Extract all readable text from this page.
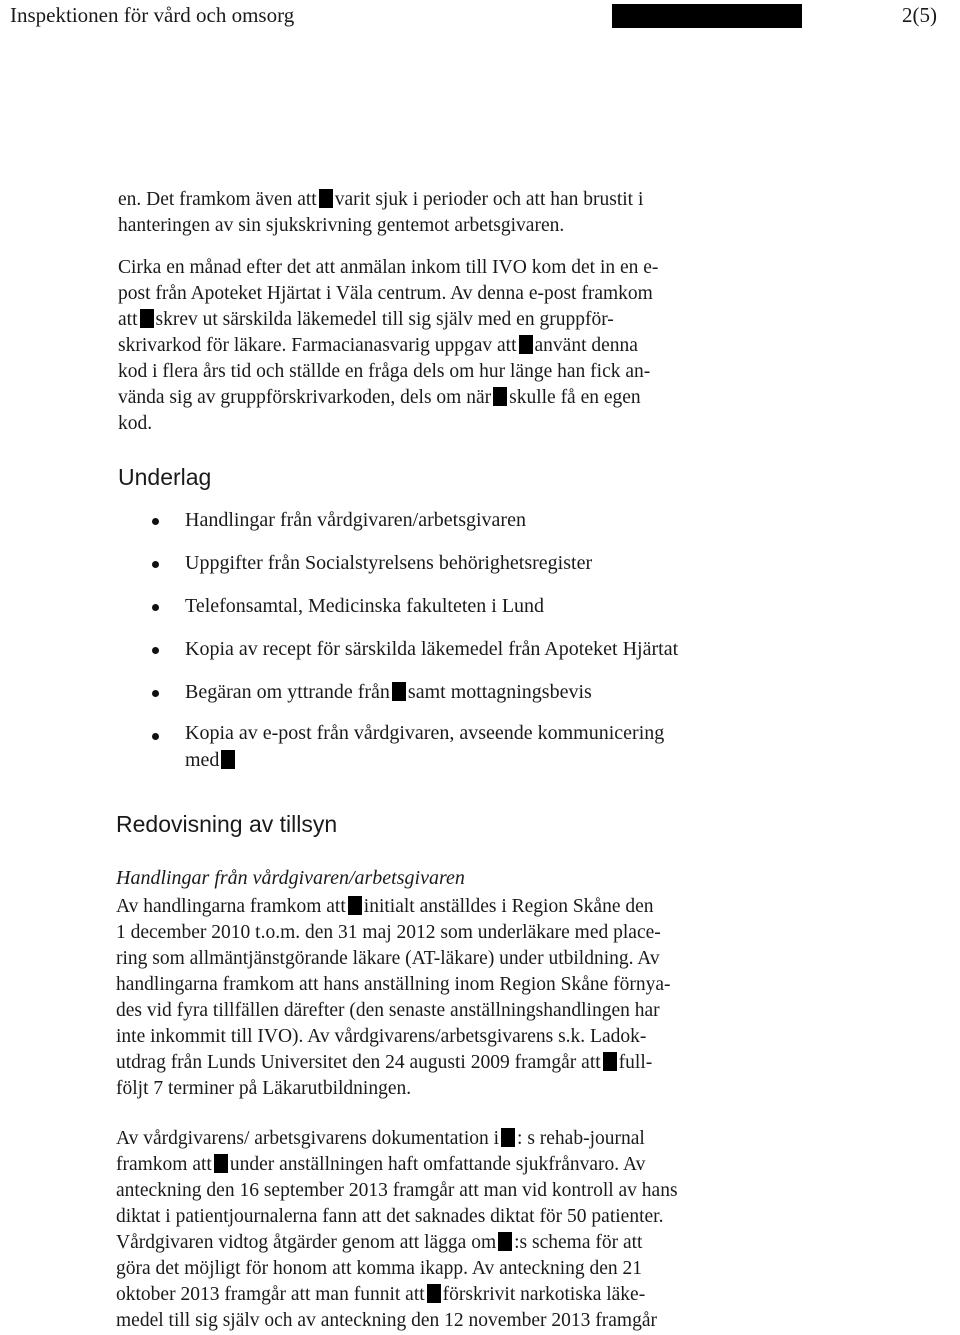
Inspektionen för vård och omsorg	2(5)
en. Det framkom även att varit sjuk i perioder och att han brustit i
hanteringen av sin sjukskrivning gentemot arbetsgivaren.
Cirka en månad efter det att anmälan inkom till IVO kom det in en e-
post från Apoteket Hjärtat i Väla centrum. Av denna e-post framkom
att skrev ut särskilda läkemedel till sig själv med en gruppför-
skrivarkod för läkare. Farmacianasvarig uppgav att använt denna
kod i flera års tid och ställde en fråga dels om hur länge han fick an-
vända sig av gruppförskrivarkoden, dels om när skulle få en egen
kod.
Underlag
Handlingar från vårdgivaren/arbetsgivaren
Uppgifter från Socialstyrelsens behörighetsregister
Telefonsamtal, Medicinska fakulteten i Lund
Kopia av recept för särskilda läkemedel från Apoteket Hjärtat
Begäran om yttrande från samt mottagningsbevis
Kopia av e-post från vårdgivaren, avseende kommunicering
med
Redovisning av tillsyn
Handlingar från vårdgivaren/arbetsgivaren
Av handlingarna framkom att initialt anställdes i Region Skåne den
1 december 2010 t.o.m. den 31 maj 2012 som underläkare med place-
ring som allmäntjänstgörande läkare (AT-läkare) under utbildning. Av
handlingarna framkom att hans anställning inom Region Skåne förnya-
des vid fyra tillfällen därefter (den senaste anställningshandlingen har
inte inkommit till IVO). Av vårdgivarens/arbetsgivarens s.k. Ladok-
utdrag från Lunds Universitet den 24 augusti 2009 framgår att full-
följt 7 terminer på Läkarutbildningen.
Av vårdgivarens/ arbetsgivarens dokumentation i : s rehab-journal
framkom att under anställningen haft omfattande sjukfrånvaro. Av
anteckning den 16 september 2013 framgår att man vid kontroll av hans
diktat i patientjournalerna fann att det saknades diktat för 50 patienter.
Vårdgivaren vidtog åtgärder genom att lägga om :s schema för att
göra det möjligt för honom att komma ikapp. Av anteckning den 21
oktober 2013 framgår att man funnit att förskrivit narkotiska läke-
medel till sig själv och av anteckning den 12 november 2013 framgår
